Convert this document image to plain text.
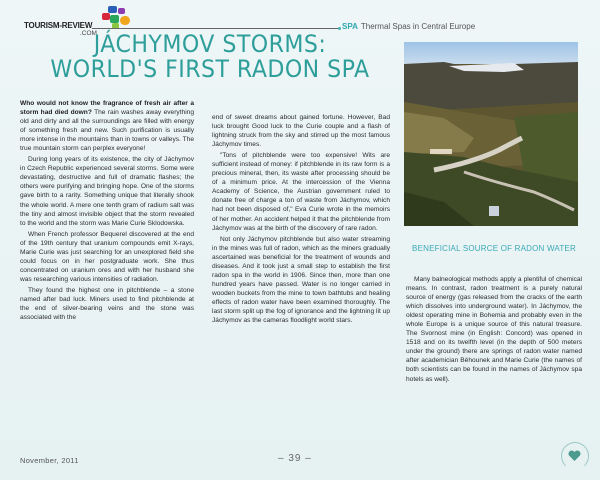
TOURISM-REVIEW
.COM
SPA Thermal Spas in Central Europe
JÁCHYMOV STORMS:
WORLD'S FIRST RADON SPA

Who would not know the fragrance of fresh air after a storm had died down? The rain washes away everything old and dirty and all the surroundings are filled with energy of something fresh and new. Such purification is usually more intense in the mountains than in towns or valleys. The true mountain storm can perplex everyone!

During long years of its existence, the city of Jáchymov in Czech Republic experienced several storms. Some were devastating, destructive and full of dramatic flashes; the others were purifying and bringing hope. One of the storms gave birth to a rarity. Something unique that literally shook the whole world. A mere one tenth gram of radium salt was the tiny and almost invisible object that the storm revealed to the world and the storm was Marie Curie Sklodowska.

When French professor Bequerel discovered at the end of the 19th century that uranium compounds emit X-rays, Marie Curie was just searching for an unexplored field she could focus on in her postgraduate work. She thus concentrated on uranium ores and with her husband she was researching various intensities of radiation.

They found the highest one in pitchblende – a stone named after bad luck. Miners used to find pitchblende at the end of silver-bearing veins and the stone was associated with the

end of sweet dreams about gained fortune. However, Bad luck brought Good luck to the Curie couple and a flash of lightning struck from the sky and stirred up the most famous Jáchymov times.

"Tons of pitchblende were too expensive! Wits are sufficient instead of money: if pitchblende in its raw form is a precious mineral, then, its waste after processing should be of a minimum price. At the intercession of the Vienna Academy of Science, the Austrian government ruled to donate free of charge a ton of waste from Jáchymov, which had not been disposed of," Eva Curie wrote in the memoirs of her mother. An accident helped it that the pitchblende from Jáchymov was at the birth of the discovery of rare radon.

Not only Jáchymov pitchblende but also water streaming in the mines was full of radon, which as the miners gradually ascertained was beneficial for the treatment of wounds and diseases. And it took just a small step to establish the first radon spa in the world in 1906. Since then, more than one hundred years have passed. Water is no longer carried in wooden buckets from the mine to town bathtubs and healing effects of radon water have been examined thoroughly. The last storm split up the fog of ignorance and the lightning lit up Jáchymov as the cameras floodlight world stars.

BENEFICIAL SOURCE OF RADON WATER

Many balneological methods apply a plentiful of chemical means. In contrast, radon treatment is a purely natural source of energy (gas released from the cracks of the earth which dissolves into underground water). In Jáchymov, the oldest operating mine in Bohemia and probably even in the whole Europe is a unique source of this natural treasure. The Svornost mine (in English: Concord) was opened in 1518 and on its twelfth level (in the depth of 500 meters under the ground) there are springs of radon water named after academician Běhounek and Marie Curie (the names of both scientists can be found in the names of Jáchymov spa hotels as well).

November, 2011	– 39 –
